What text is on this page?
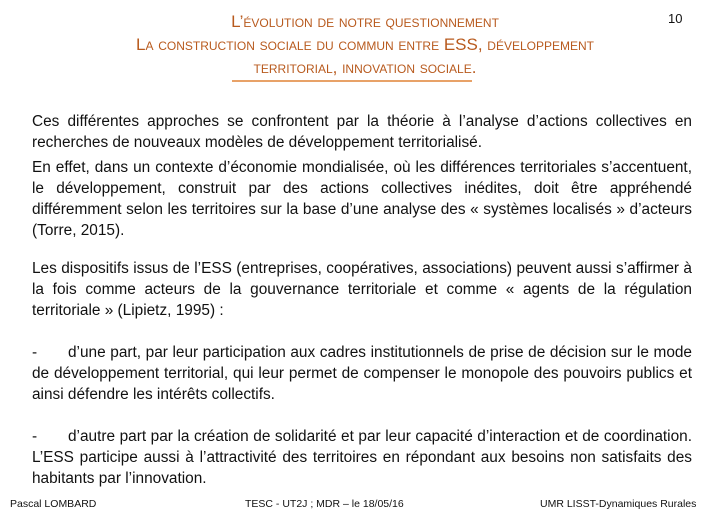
10
L’évolution de notre questionnement
La construction sociale du commun entre ESS, développement
territorial, innovation sociale.
Ces différentes approches se confrontent par la théorie à l’analyse d’actions collectives en recherches de nouveaux modèles de développement territorialisé.
En effet, dans un contexte d’économie mondialisée, où les différences territoriales s’accentuent, le développement, construit par des actions collectives inédites, doit être appréhendé différemment selon les territoires sur la base d’une analyse des « systèmes localisés » d’acteurs (Torre, 2015).
Les dispositifs issus de l’ESS (entreprises, coopératives, associations) peuvent aussi s’affirmer à la fois comme acteurs de la gouvernance territoriale et comme « agents de la régulation territoriale » (Lipietz, 1995) :
- d’une part, par leur participation aux cadres institutionnels de prise de décision sur le mode de développement territorial, qui leur permet de compenser le monopole des pouvoirs publics et ainsi défendre les intérêts collectifs.
- d’autre part par la création de solidarité et par leur capacité d’interaction et de coordination. L’ESS participe aussi à l’attractivité des territoires en répondant aux besoins non satisfaits des habitants par l’innovation.
Pascal LOMBARD	TESC - UT2J ; MDR – le 18/05/16	UMR LISST-Dynamiques Rurales
